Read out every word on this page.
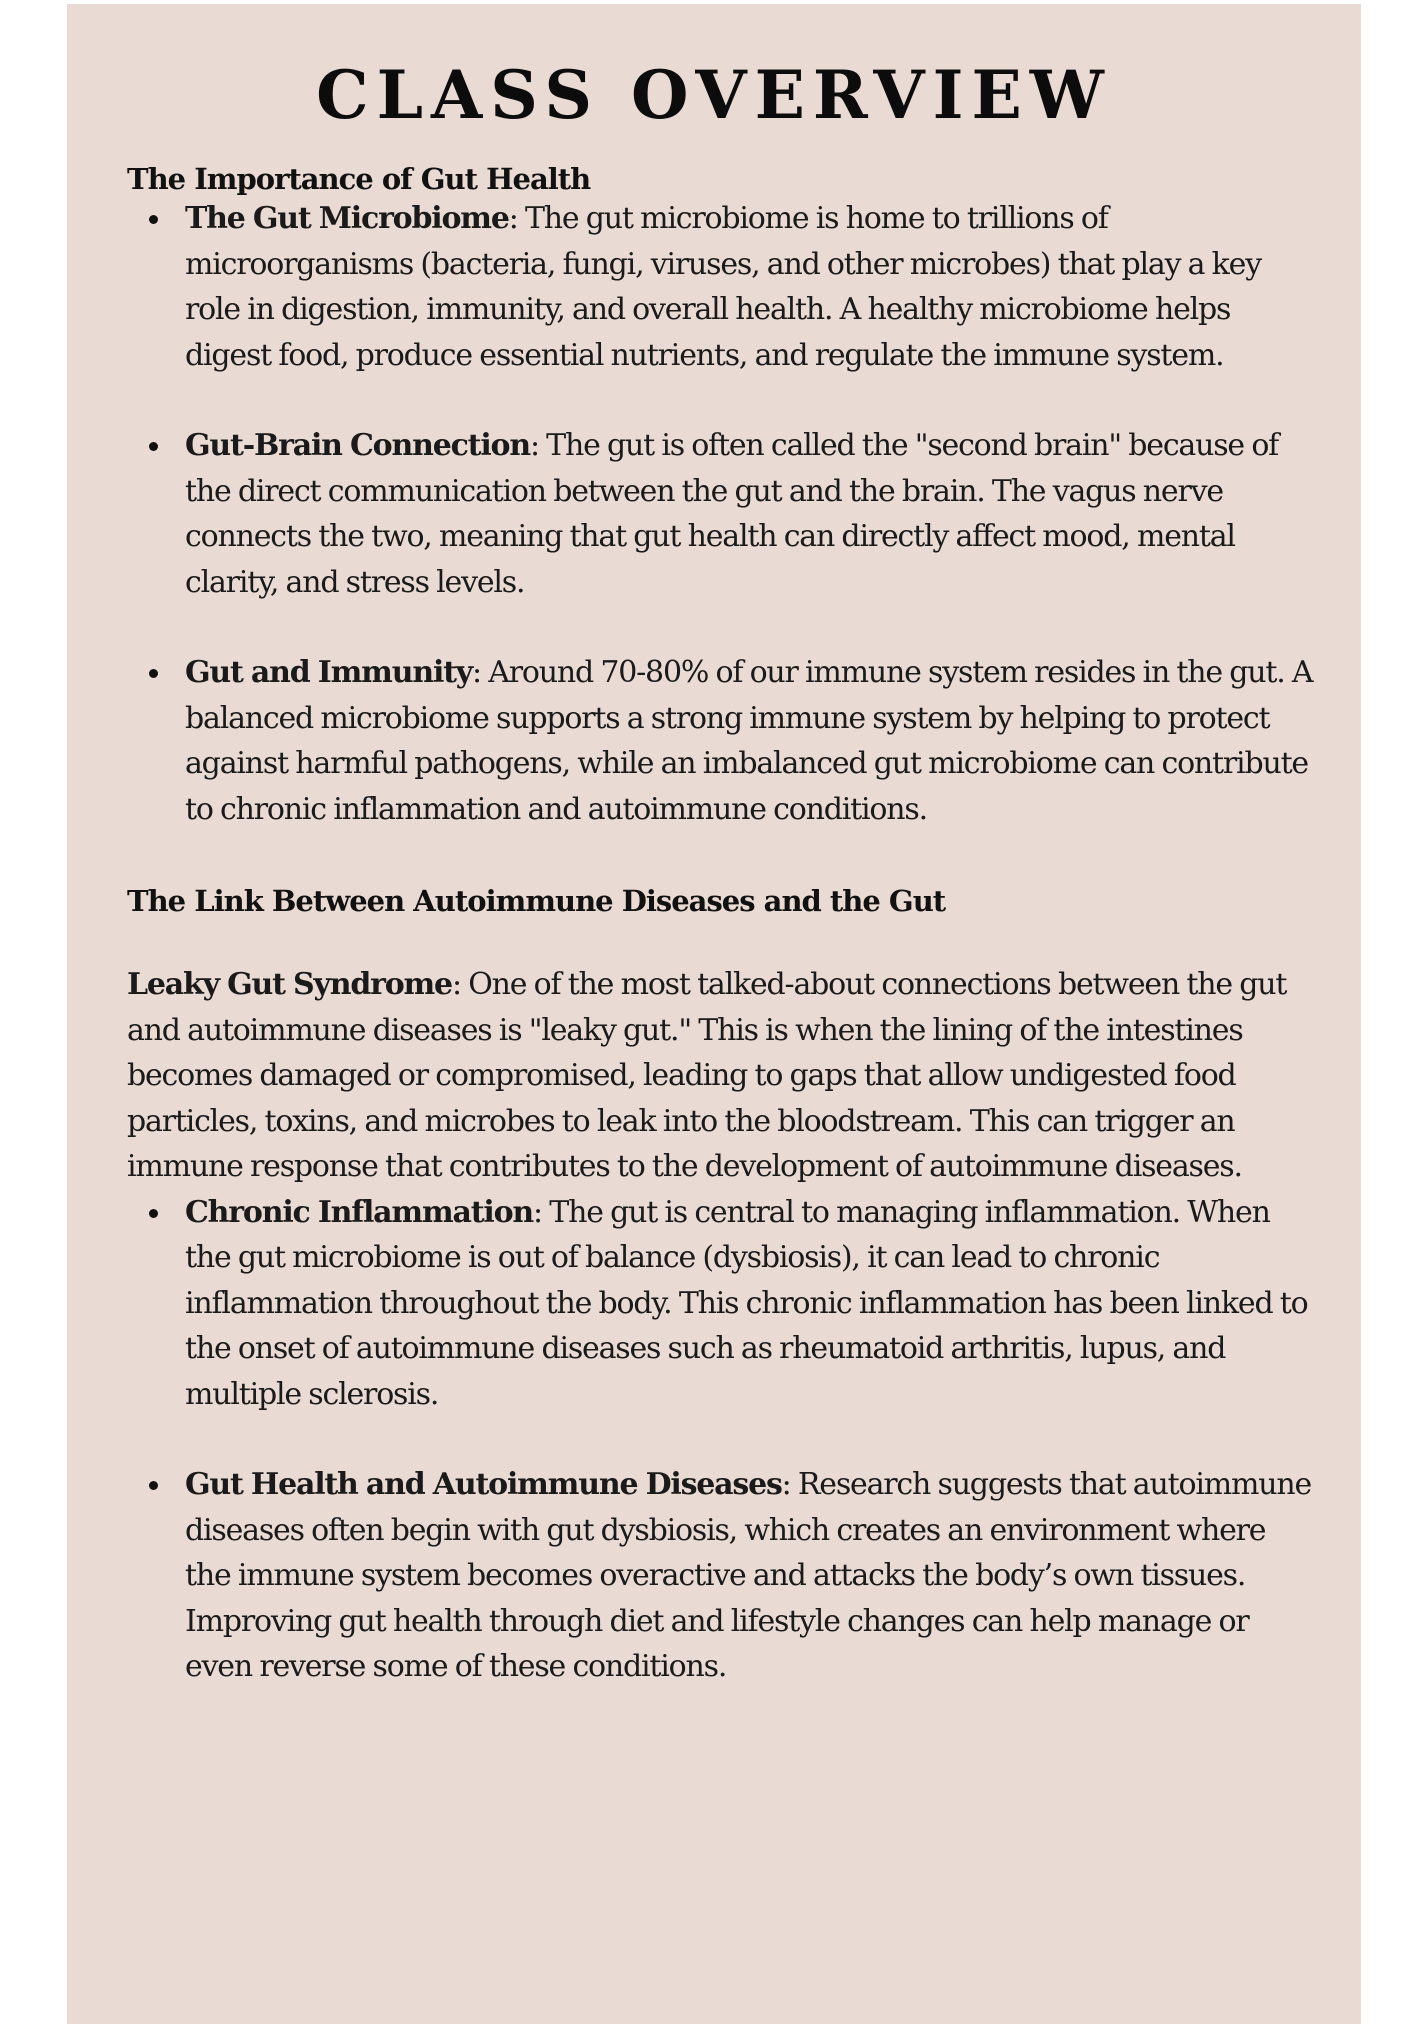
CLASS OVERVIEW
The Importance of Gut Health
The Gut Microbiome: The gut microbiome is home to trillions of microorganisms (bacteria, fungi, viruses, and other microbes) that play a key role in digestion, immunity, and overall health. A healthy microbiome helps digest food, produce essential nutrients, and regulate the immune system.
Gut-Brain Connection: The gut is often called the "second brain" because of the direct communication between the gut and the brain. The vagus nerve connects the two, meaning that gut health can directly affect mood, mental clarity, and stress levels.
Gut and Immunity: Around 70-80% of our immune system resides in the gut. A balanced microbiome supports a strong immune system by helping to protect against harmful pathogens, while an imbalanced gut microbiome can contribute to chronic inflammation and autoimmune conditions.
The Link Between Autoimmune Diseases and the Gut

Leaky Gut Syndrome: One of the most talked-about connections between the gut and autoimmune diseases is "leaky gut." This is when the lining of the intestines becomes damaged or compromised, leading to gaps that allow undigested food particles, toxins, and microbes to leak into the bloodstream. This can trigger an immune response that contributes to the development of autoimmune diseases.

Chronic Inflammation: The gut is central to managing inflammation. When the gut microbiome is out of balance (dysbiosis), it can lead to chronic inflammation throughout the body. This chronic inflammation has been linked to the onset of autoimmune diseases such as rheumatoid arthritis, lupus, and multiple sclerosis.
Gut Health and Autoimmune Diseases: Research suggests that autoimmune diseases often begin with gut dysbiosis, which creates an environment where the immune system becomes overactive and attacks the body’s own tissues. Improving gut health through diet and lifestyle changes can help manage or even reverse some of these conditions.
